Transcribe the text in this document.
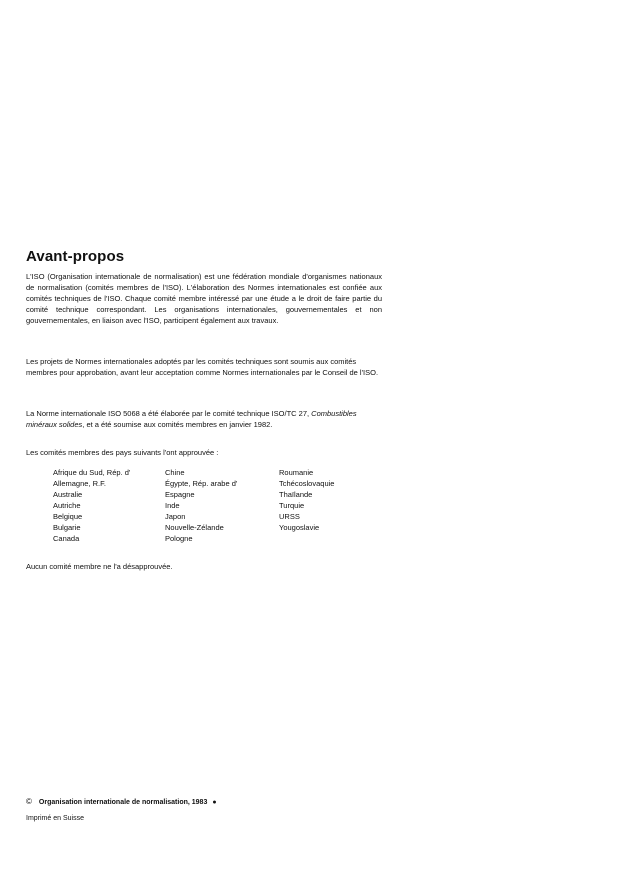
Avant-propos

L'ISO (Organisation internationale de normalisation) est une fédération mondiale d'organismes nationaux de normalisation (comités membres de l'ISO). L'élaboration des Normes internationales est confiée aux comités techniques de l'ISO. Chaque comité membre intéressé par une étude a le droit de faire partie du comité technique correspondant. Les organisations internationales, gouvernementales et non gouvernementales, en liaison avec l'ISO, participent également aux travaux.

Les projets de Normes internationales adoptés par les comités techniques sont soumis aux comités membres pour approbation, avant leur acceptation comme Normes internationales par le Conseil de l'ISO.

La Norme internationale ISO 5068 a été élaborée par le comité technique ISO/TC 27, Combustibles minéraux solides, et a été soumise aux comités membres en janvier 1982.

Les comités membres des pays suivants l'ont approuvée :

Afrique du Sud, Rép. d'
Allemagne, R.F.
Australie
Autriche
Belgique
Bulgarie
Canada
Chine
Égypte, Rép. arabe d'
Espagne
Inde
Japon
Nouvelle-Zélande
Pologne
Roumanie
Tchécoslovaquie
Thaïlande
Turquie
URSS
Yougoslavie

Aucun comité membre ne l'a désapprouvée.

© Organisation internationale de normalisation, 1983 ●
Imprimé en Suisse
